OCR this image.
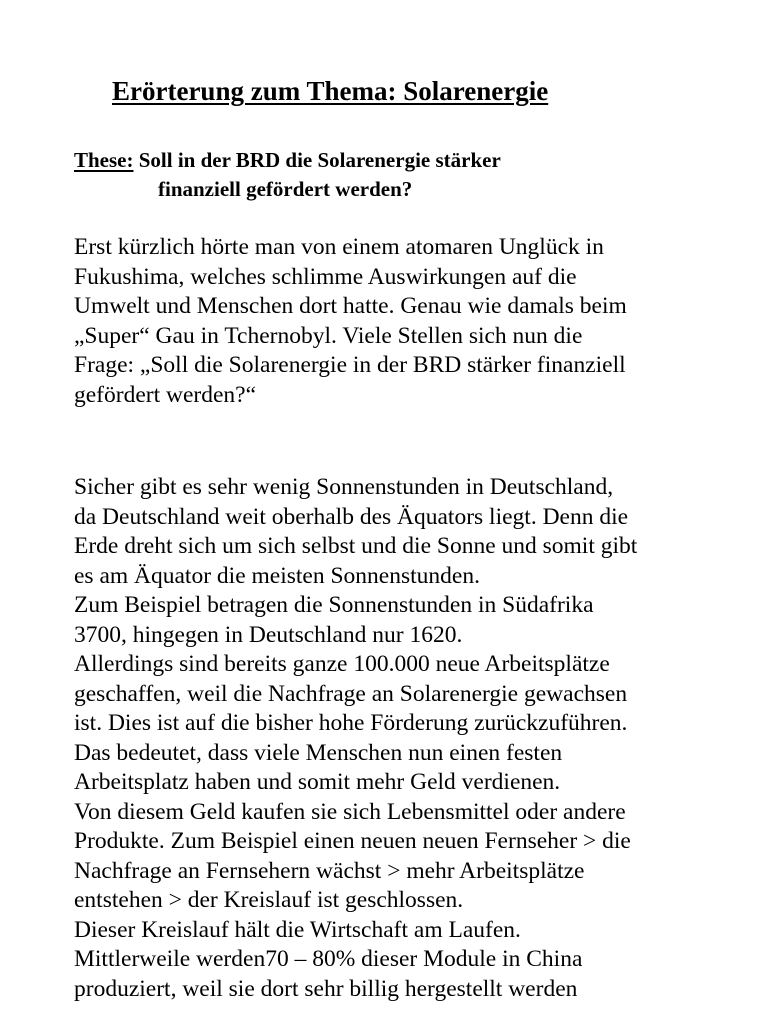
Erörterung zum Thema: Solarenergie
These: Soll in der BRD die Solarenergie stärker
finanziell gefördert werden?

Erst kürzlich hörte man von einem atomaren Unglück in
Fukushima, welches schlimme Auswirkungen auf die
Umwelt und Menschen dort hatte. Genau wie damals beim
„Super“ Gau in Tchernobyl. Viele Stellen sich nun die
Frage: „Soll die Solarenergie in der BRD stärker finanziell
gefördert werden?“

Sicher gibt es sehr wenig Sonnenstunden in Deutschland,
da Deutschland weit oberhalb des Äquators liegt. Denn die
Erde dreht sich um sich selbst und die Sonne und somit gibt
es am Äquator die meisten Sonnenstunden.
Zum Beispiel betragen die Sonnenstunden in Südafrika
3700, hingegen in Deutschland nur 1620.
Allerdings sind bereits ganze 100.000 neue Arbeitsplätze
geschaffen, weil die Nachfrage an Solarenergie gewachsen
ist. Dies ist auf die bisher hohe Förderung zurückzuführen.
Das bedeutet, dass viele Menschen nun einen festen
Arbeitsplatz haben und somit mehr Geld verdienen.
Von diesem Geld kaufen sie sich Lebensmittel oder andere
Produkte. Zum Beispiel einen neuen neuen Fernseher > die
Nachfrage an Fernsehern wächst > mehr Arbeitsplätze
entstehen > der Kreislauf ist geschlossen.
Dieser Kreislauf hält die Wirtschaft am Laufen.
Mittlerweile werden70 – 80% dieser Module in China
produziert, weil sie dort sehr billig hergestellt werden
